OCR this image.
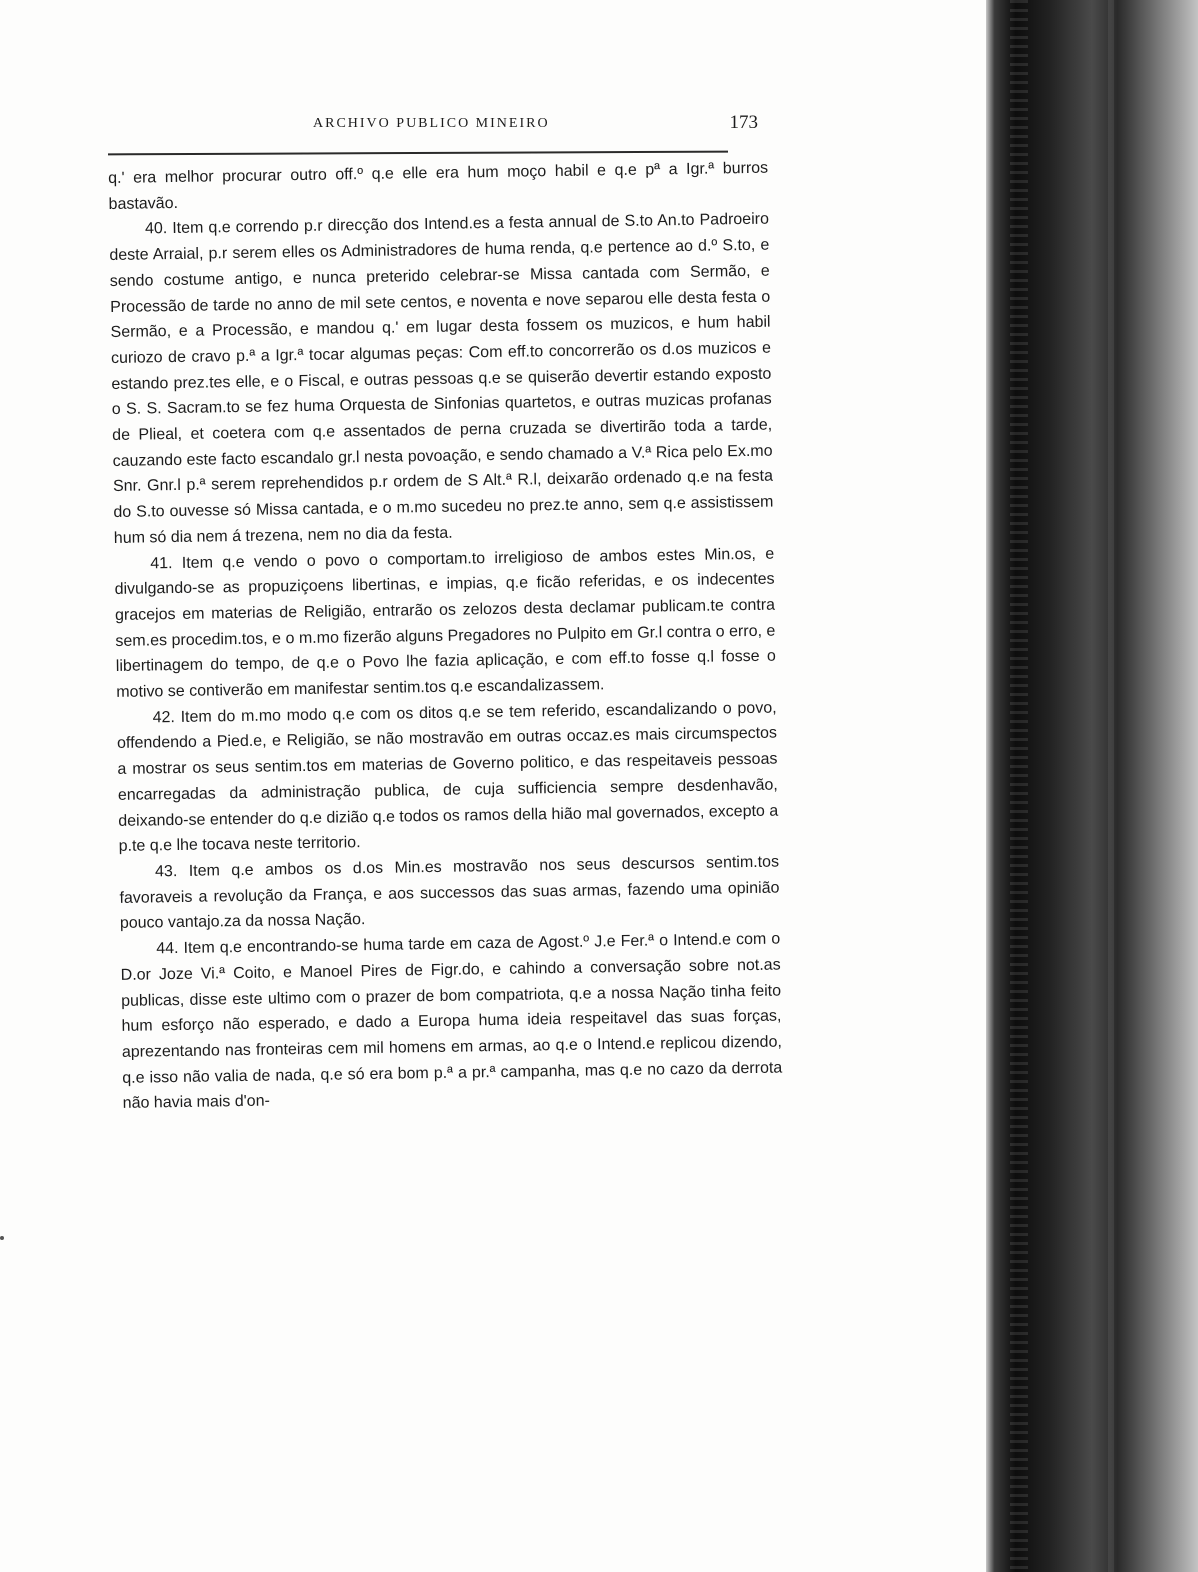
ARCHIVO PUBLICO MINEIRO	173

q.' era melhor procurar outro off.º q.e elle era hum moço habil e q.e pª a Igr.ª burros bastavão.

40. Item q.e correndo p.r direcção dos Intend.es a festa annual de S.to An.to Padroeiro deste Arraial, p.r serem elles os Administradores de huma renda, q.e pertence ao d.º S.to, e sendo costume antigo, e nunca preterido celebrar-se Missa cantada com Sermão, e Processão de tarde no anno de mil sete centos, e noventa e nove separou elle desta festa o Sermão, e a Processão, e mandou q.' em lugar desta fossem os muzicos, e hum habil curiozo de cravo p.ª a Igr.ª tocar algumas peças: Com eff.to concorrerão os d.os muzicos e estando prez.tes elle, e o Fiscal, e outras pessoas q.e se quiserão devertir estando exposto o S. S. Sacram.to se fez huma Orquesta de Sinfonias quartetos, e outras muzicas profanas de Plieal, et coetera com q.e assentados de perna cruzada se divertirão toda a tarde, cauzando este facto escandalo gr.l nesta povoação, e sendo chamado a V.ª Rica pelo Ex.mo Snr. Gnr.l p.ª serem reprehendidos p.r ordem de S Alt.ª R.l, deixarão ordenado q.e na festa do S.to ouvesse só Missa cantada, e o m.mo sucedeu no prez.te anno, sem q.e assistissem hum só dia nem á trezena, nem no dia da festa.

41. Item q.e vendo o povo o comportam.to irreligioso de ambos estes Min.os, e divulgando-se as propuziçoens libertinas, e impias, q.e ficão referidas, e os indecentes gracejos em materias de Religião, entrarão os zelozos desta declamar publicam.te contra sem.es procedim.tos, e o m.mo fizerão alguns Pregadores no Pulpito em Gr.l contra o erro, e libertinagem do tempo, de q.e o Povo lhe fazia aplicação, e com eff.to fosse q.l fosse o motivo se contiverão em manifestar sentim.tos q.e escandalizassem.

42. Item do m.mo modo q.e com os ditos q.e se tem referido, escandalizando o povo, offendendo a Pied.e, e Religião, se não mostravão em outras occaz.es mais circumspectos a mostrar os seus sentim.tos em materias de Governo politico, e das respeitaveis pessoas encarregadas da administração publica, de cuja sufficiencia sempre desdenhavão, deixando-se entender do q.e dizião q.e todos os ramos della hião mal governados, excepto a p.te q.e lhe tocava neste territorio.

43. Item q.e ambos os d.os Min.es mostravão nos seus descursos sentim.tos favoraveis a revolução da França, e aos successos das suas armas, fazendo uma opinião pouco vantajo.za da nossa Nação.

44. Item q.e encontrando-se huma tarde em caza de Agost.º J.e Fer.ª o Intend.e com o D.or Joze Vi.ª Coito, e Manoel Pires de Figr.do, e cahindo a conversação sobre not.as publicas, disse este ultimo com o prazer de bom compatriota, q.e a nossa Nação tinha feito hum esforço não esperado, e dado a Europa huma ideia respeitavel das suas forças, aprezentando nas fronteiras cem mil homens em armas, ao q.e o Intend.e replicou dizendo, q.e isso não valia de nada, q.e só era bom p.ª a pr.ª campanha, mas q.e no cazo da derrota não havia mais d'on-
